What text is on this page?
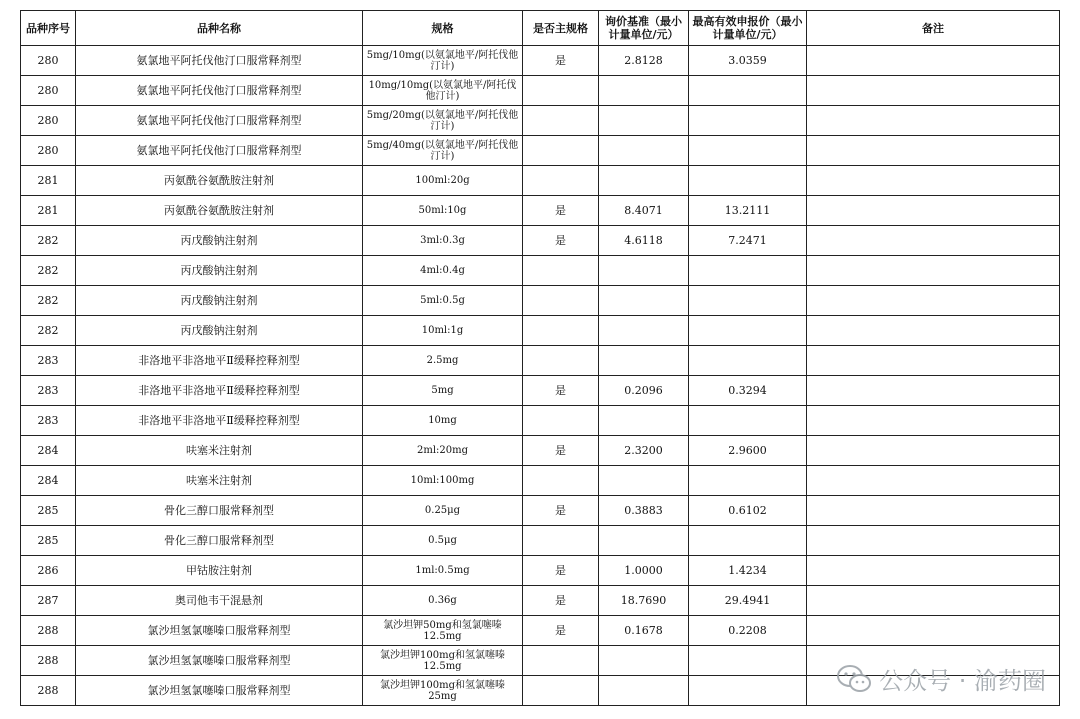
品种序号	品种名称	规格	是否主规格	询价基准（最小计量单位/元）	最高有效申报价（最小计量单位/元）	备注
280	氨氯地平阿托伐他汀口服常释剂型	5mg/10mg(以氨氯地平/阿托伐他汀计)	是	2.8128	3.0359	
280	氨氯地平阿托伐他汀口服常释剂型	10mg/10mg(以氨氯地平/阿托伐他汀计)				
280	氨氯地平阿托伐他汀口服常释剂型	5mg/20mg(以氨氯地平/阿托伐他汀计)				
280	氨氯地平阿托伐他汀口服常释剂型	5mg/40mg(以氨氯地平/阿托伐他汀计)				
281	丙氨酰谷氨酰胺注射剂	100ml:20g				
281	丙氨酰谷氨酰胺注射剂	50ml:10g	是	8.4071	13.2111	
282	丙戊酸钠注射剂	3ml:0.3g	是	4.6118	7.2471	
282	丙戊酸钠注射剂	4ml:0.4g				
282	丙戊酸钠注射剂	5ml:0.5g				
282	丙戊酸钠注射剂	10ml:1g				
283	非洛地平非洛地平Ⅱ缓释控释剂型	2.5mg				
283	非洛地平非洛地平Ⅱ缓释控释剂型	5mg	是	0.2096	0.3294	
283	非洛地平非洛地平Ⅱ缓释控释剂型	10mg				
284	呋塞米注射剂	2ml:20mg	是	2.3200	2.9600	
284	呋塞米注射剂	10ml:100mg				
285	骨化三醇口服常释剂型	0.25μg	是	0.3883	0.6102	
285	骨化三醇口服常释剂型	0.5μg				
286	甲钴胺注射剂	1ml:0.5mg	是	1.0000	1.4234	
287	奥司他韦干混悬剂	0.36g	是	18.7690	29.4941	
288	氯沙坦氢氯噻嗪口服常释剂型	氯沙坦钾50mg和氢氯噻嗪12.5mg	是	0.1678	0.2208	
288	氯沙坦氢氯噻嗪口服常释剂型	氯沙坦钾100mg和氢氯噻嗪12.5mg				
288	氯沙坦氢氯噻嗪口服常释剂型	氯沙坦钾100mg和氢氯噻嗪25mg				
公众号 · 渝药圈
